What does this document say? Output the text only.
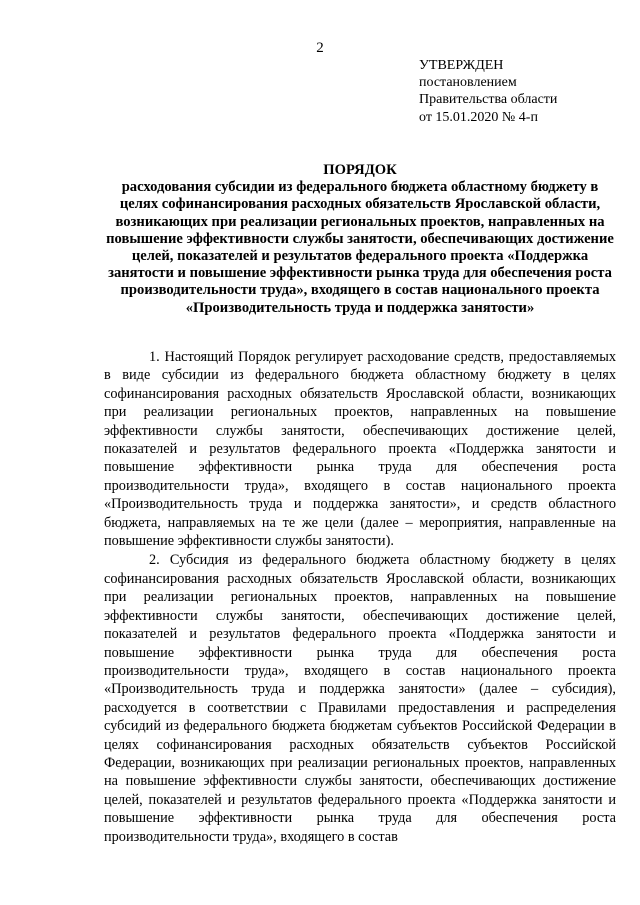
2
УТВЕРЖДЕН
постановлением
Правительства области
от 15.01.2020 № 4-п
ПОРЯДОК
расходования субсидии из федерального бюджета областному бюджету в целях софинансирования расходных обязательств Ярославской области, возникающих при реализации региональных проектов, направленных на повышение эффективности службы занятости, обеспечивающих достижение целей, показателей и результатов федерального проекта «Поддержка занятости и повышение эффективности рынка труда для обеспечения роста производительности труда», входящего в состав национального проекта «Производительность труда и поддержка занятости»

1. Настоящий Порядок регулирует расходование средств, предоставляемых в виде субсидии из федерального бюджета областному бюджету в целях софинансирования расходных обязательств Ярославской области, возникающих при реализации региональных проектов, направленных на повышение эффективности службы занятости, обеспечивающих достижение целей, показателей и результатов федерального проекта «Поддержка занятости и повышение эффективности рынка труда для обеспечения роста производительности труда», входящего в состав национального проекта «Производительность труда и поддержка занятости», и средств областного бюджета, направляемых на те же цели (далее – мероприятия, направленные на повышение эффективности службы занятости).

2. Субсидия из федерального бюджета областному бюджету в целях софинансирования расходных обязательств Ярославской области, возникающих при реализации региональных проектов, направленных на повышение эффективности службы занятости, обеспечивающих достижение целей, показателей и результатов федерального проекта «Поддержка занятости и повышение эффективности рынка труда для обеспечения роста производительности труда», входящего в состав национального проекта «Производительность труда и поддержка занятости» (далее – субсидия), расходуется в соответствии с Правилами предоставления и распределения субсидий из федерального бюджета бюджетам субъектов Российской Федерации в целях софинансирования расходных обязательств субъектов Российской Федерации, возникающих при реализации региональных проектов, направленных на повышение эффективности службы занятости, обеспечивающих достижение целей, показателей и результатов федерального проекта «Поддержка занятости и повышение эффективности рынка труда для обеспечения роста производительности труда», входящего в состав
